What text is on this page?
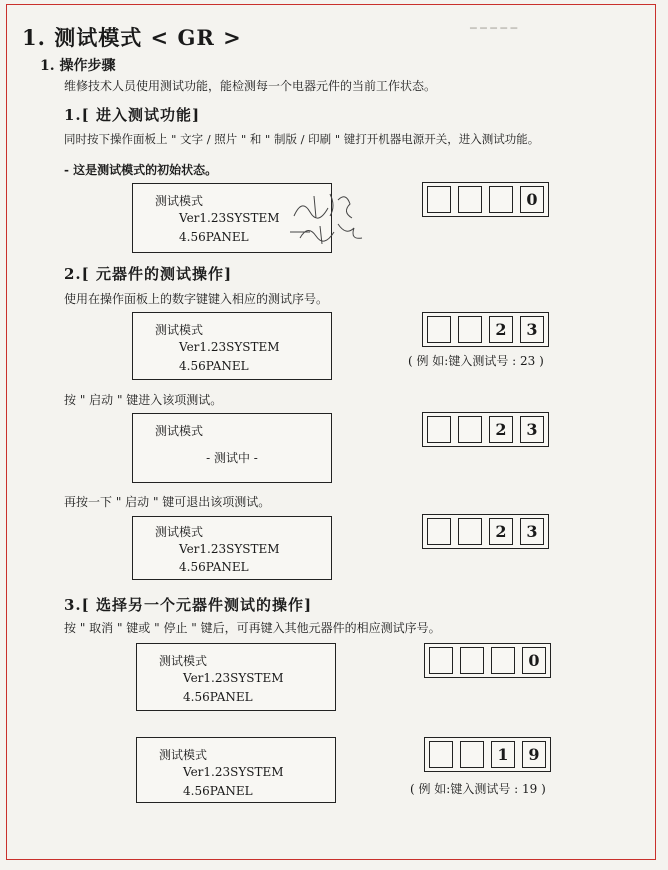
━ ━ ━ ━ ━
1. 测试模式 < GR >
1. 操作步骤
维修技术人员使用测试功能，能检测每一个电器元件的当前工作状态。
1.[ 进入测试功能]
同时按下操作面板上 " 文字 / 照片 " 和 " 制版 / 印刷 " 键打开机器电源开关，进入测试功能。
- 这是测试模式的初始状态。
测试模式
Ver1.23SYSTEM
4.56PANEL
0
2.[ 元器件的测试操作]
使用在操作面板上的数字键键入相应的测试序号。
测试模式
Ver1.23SYSTEM
4.56PANEL
2	3
( 例 如:键入测试号 : 23 )
按 " 启动 " 键进入该项测试。
测试模式
- 测试中 -
2	3
再按一下 " 启动 " 键可退出该项测试。
测试模式
Ver1.23SYSTEM
4.56PANEL
2	3
3.[ 选择另一个元器件测试的操作]
按 " 取消 " 键或 " 停止 " 键后，可再键入其他元器件的相应测试序号。
测试模式
Ver1.23SYSTEM
4.56PANEL
0
测试模式
Ver1.23SYSTEM
4.56PANEL
1	9
( 例 如:键入测试号 : 19 )
